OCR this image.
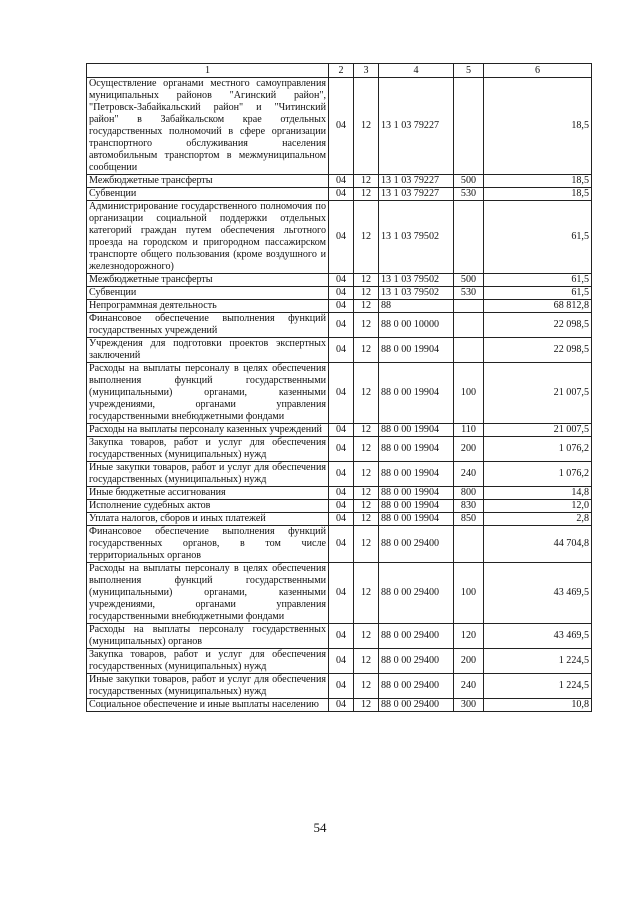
1	2	3	4	5	6
Осуществление органами местного самоуправления муниципальных районов "Агинский район", "Петровск-Забайкальский район" и "Читинский район" в Забайкальском крае отдельных государственных полномочий в сфере организации транспортного обслуживания населения автомобильным транспортом в межмуниципальном сообщении	04	12	13 1 03 79227		18,5
Межбюджетные трансферты	04	12	13 1 03 79227	500	18,5
Субвенции	04	12	13 1 03 79227	530	18,5
Администрирование государственного полномочия по организации социальной поддержки отдельных категорий граждан путем обеспечения льготного проезда на городском и пригородном пассажирском транспорте общего пользования (кроме воздушного и железнодорожного)	04	12	13 1 03 79502		61,5
Межбюджетные трансферты	04	12	13 1 03 79502	500	61,5
Субвенции	04	12	13 1 03 79502	530	61,5
Непрограммная деятельность	04	12	88		68 812,8
Финансовое обеспечение выполнения функций государственных учреждений	04	12	88 0 00 10000		22 098,5
Учреждения для подготовки проектов экспертных заключений	04	12	88 0 00 19904		22 098,5
Расходы на выплаты персоналу в целях обеспечения выполнения функций государственными (муниципальными) органами, казенными учреждениями, органами управления государственными внебюджетными фондами	04	12	88 0 00 19904	100	21 007,5
Расходы на выплаты персоналу казенных учреждений	04	12	88 0 00 19904	110	21 007,5
Закупка товаров, работ и услуг для обеспечения государственных (муниципальных) нужд	04	12	88 0 00 19904	200	1 076,2
Иные закупки товаров, работ и услуг для обеспечения государственных (муниципальных) нужд	04	12	88 0 00 19904	240	1 076,2
Иные бюджетные ассигнования	04	12	88 0 00 19904	800	14,8
Исполнение судебных актов	04	12	88 0 00 19904	830	12,0
Уплата налогов, сборов и иных платежей	04	12	88 0 00 19904	850	2,8
Финансовое обеспечение выполнения функций государственных органов, в том числе территориальных органов	04	12	88 0 00 29400		44 704,8
Расходы на выплаты персоналу в целях обеспечения выполнения функций государственными (муниципальными) органами, казенными учреждениями, органами управления государственными внебюджетными фондами	04	12	88 0 00 29400	100	43 469,5
Расходы на выплаты персоналу государственных (муниципальных) органов	04	12	88 0 00 29400	120	43 469,5
Закупка товаров, работ и услуг для обеспечения государственных (муниципальных) нужд	04	12	88 0 00 29400	200	1 224,5
Иные закупки товаров, работ и услуг для обеспечения государственных (муниципальных) нужд	04	12	88 0 00 29400	240	1 224,5
Социальное обеспечение и иные выплаты населению	04	12	88 0 00 29400	300	10,8
54
